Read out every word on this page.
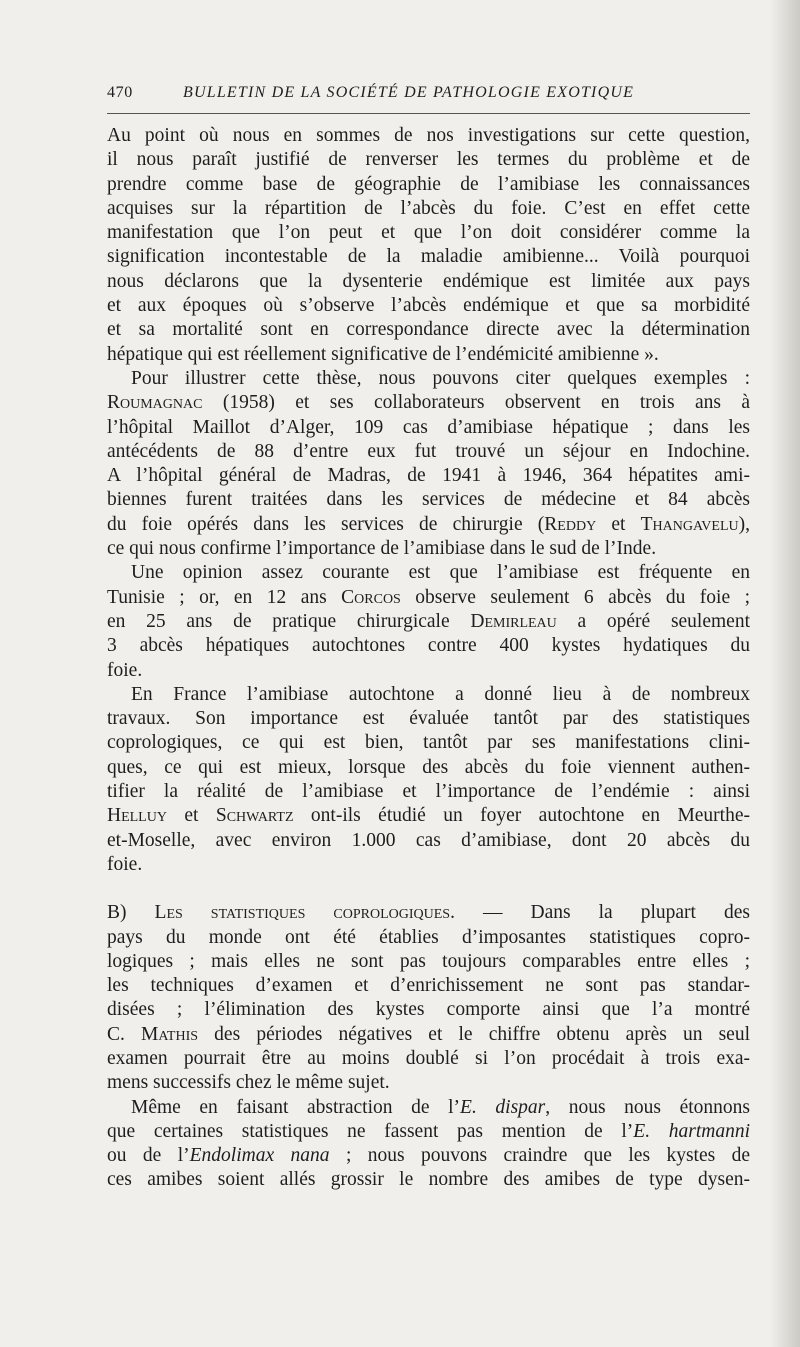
470	BULLETIN DE LA SOCIÉTÉ DE PATHOLOGIE EXOTIQUE
Au point où nous en sommes de nos investigations sur cette question,
il nous paraît justifié de renverser les termes du problème et de
prendre comme base de géographie de l’amibiase les connaissances
acquises sur la répartition de l’abcès du foie. C’est en effet cette
manifestation que l’on peut et que l’on doit considérer comme la
signification incontestable de la maladie amibienne... Voilà pourquoi
nous déclarons que la dysenterie endémique est limitée aux pays
et aux époques où s’observe l’abcès endémique et que sa morbidité
et sa mortalité sont en correspondance directe avec la détermination
hépatique qui est réellement significative de l’endémicité amibienne ».
Pour illustrer cette thèse, nous pouvons citer quelques exemples :
Roumagnac (1958) et ses collaborateurs observent en trois ans à
l’hôpital Maillot d’Alger, 109 cas d’amibiase hépatique ; dans les
antécédents de 88 d’entre eux fut trouvé un séjour en Indochine.
A l’hôpital général de Madras, de 1941 à 1946, 364 hépatites ami-
biennes furent traitées dans les services de médecine et 84 abcès
du foie opérés dans les services de chirurgie (Reddy et Thangavelu),
ce qui nous confirme l’importance de l’amibiase dans le sud de l’Inde.
Une opinion assez courante est que l’amibiase est fréquente en
Tunisie ; or, en 12 ans Corcos observe seulement 6 abcès du foie ;
en 25 ans de pratique chirurgicale Demirleau a opéré seulement
3 abcès hépatiques autochtones contre 400 kystes hydatiques du
foie.
En France l’amibiase autochtone a donné lieu à de nombreux
travaux. Son importance est évaluée tantôt par des statistiques
coprologiques, ce qui est bien, tantôt par ses manifestations clini-
ques, ce qui est mieux, lorsque des abcès du foie viennent authen-
tifier la réalité de l’amibiase et l’importance de l’endémie : ainsi
Helluy et Schwartz ont-ils étudié un foyer autochtone en Meurthe-
et-Moselle, avec environ 1.000 cas d’amibiase, dont 20 abcès du
foie.
B) Les statistiques coprologiques. — Dans la plupart des
pays du monde ont été établies d’imposantes statistiques copro-
logiques ; mais elles ne sont pas toujours comparables entre elles ;
les techniques d’examen et d’enrichissement ne sont pas standar-
disées ; l’élimination des kystes comporte ainsi que l’a montré
C. Mathis des périodes négatives et le chiffre obtenu après un seul
examen pourrait être au moins doublé si l’on procédait à trois exa-
mens successifs chez le même sujet.
Même en faisant abstraction de l’E. dispar, nous nous étonnons
que certaines statistiques ne fassent pas mention de l’E. hartmanni
ou de l’Endolimax nana ; nous pouvons craindre que les kystes de
ces amibes soient allés grossir le nombre des amibes de type dysen-
